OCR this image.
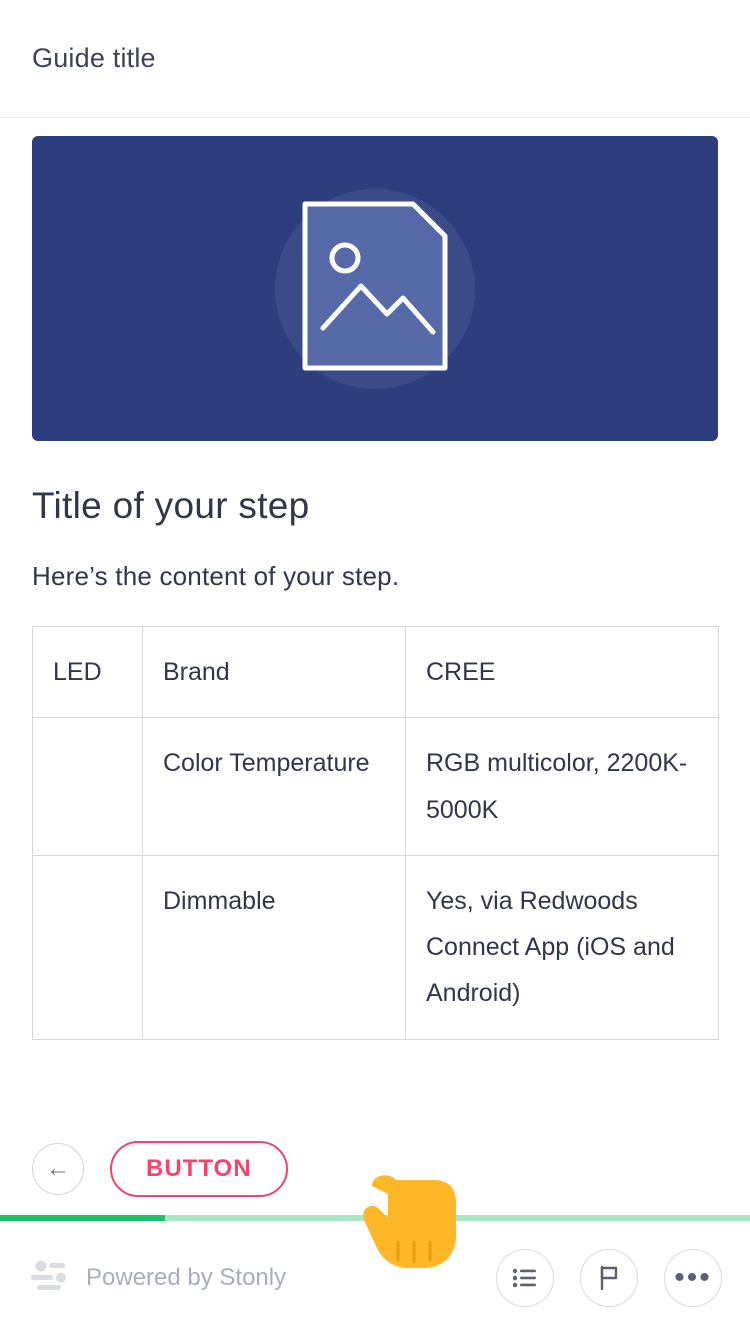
Guide title
Title of your step
Here’s the content of your step.
LED	Brand	CREE
	Color Temperature	RGB multicolor, 2200K-5000K
	Dimmable	Yes, via Redwoods Connect App (iOS and Android)
←	BUTTON
Powered by Stonly	•••
